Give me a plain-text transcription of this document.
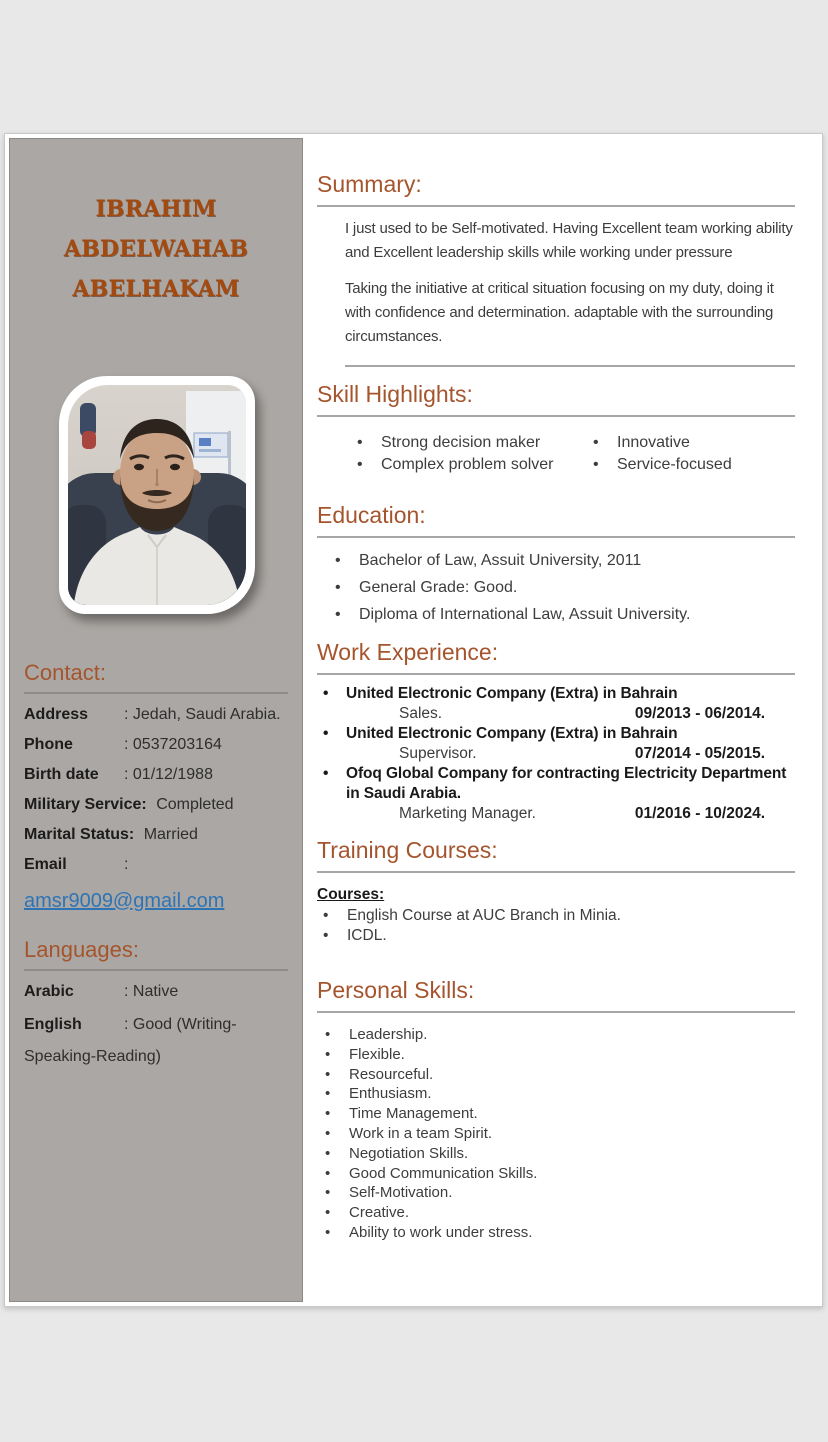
IBRAHIM ABDELWAHAB
ABELHAKAM
Contact:
Address	: Jedah, Saudi Arabia.
Phone	: 0537203164
Birth date	: 01/12/1988
Military Service: Completed
Marital Status: Married
Email	:
amsr9009@gmail.com
Languages:
Arabic	: Native
English	: Good (Writing-
Speaking-Reading)
Summary:

I just used to be Self-motivated. Having Excellent team working ability and Excellent leadership skills while working under pressure

Taking the initiative at critical situation focusing on my duty, doing it with confidence and determination. adaptable with the surrounding circumstances.

Skill Highlights:
•	Strong decision maker
•	Complex problem solver
•	Innovative
•	Service-focused
Education:
•	Bachelor of Law, Assuit University, 2011
•	General Grade: Good.
•	Diploma of International Law, Assuit University.
Work Experience:
•	United Electronic Company (Extra) in Bahrain
Sales.	09/2013 - 06/2014.
•	United Electronic Company (Extra) in Bahrain
Supervisor.	07/2014 - 05/2015.
•	Ofoq Global Company for contracting Electricity Department in Saudi Arabia.
Marketing Manager.	01/2016 - 10/2024.
Training Courses:
Courses:
•	English Course at AUC Branch in Minia.
•	ICDL.
Personal Skills:
•	Leadership.
•	Flexible.
•	Resourceful.
•	Enthusiasm.
•	Time Management.
•	Work in a team Spirit.
•	Negotiation Skills.
•	Good Communication Skills.
•	Self-Motivation.
•	Creative.
•	Ability to work under stress.
